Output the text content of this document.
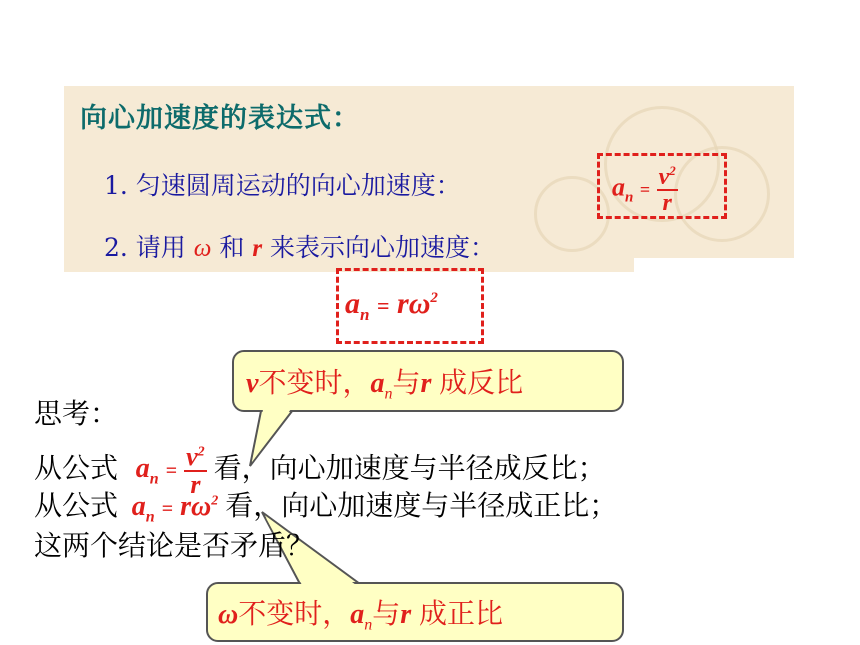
向心加速度的表达式：
1. 匀速圆周运动的向心加速度：
2. 请用 ω 和 r 来表示向心加速度：
$a_n = \frac{v^2}{r}$
$a_n = r\omega^2$
v不变时，$a_n$与r 成反比
ω不变时，$a_n$与r 成正比
思考：
从公式 $a_n = \frac{v^2}{r}$ 看，向心加速度与半径成反比；
从公式 $a_n = r\omega^2$ 看，向心加速度与半径成正比；
这两个结论是否矛盾？
